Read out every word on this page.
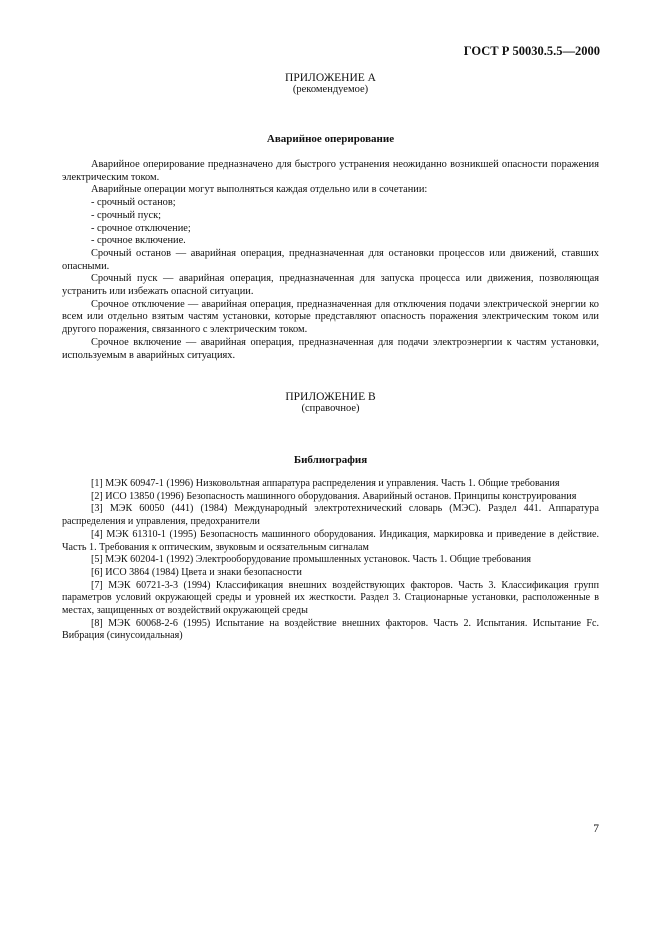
ГОСТ Р 50030.5.5—2000
ПРИЛОЖЕНИЕ А
(рекомендуемое)
Аварийное оперирование

Аварийное оперирование предназначено для быстрого устранения неожиданно возникшей опасности поражения электрическим током.

Аварийные операции могут выполняться каждая отдельно или в сочетании:

- срочный останов;
- срочный пуск;
- срочное отключение;
- срочное включение.

Срочный останов — аварийная операция, предназначенная для остановки процессов или движений, ставших опасными.

Срочный пуск — аварийная операция, предназначенная для запуска процесса или движения, позволяющая устранить или избежать опасной ситуации.

Срочное отключение — аварийная операция, предназначенная для отключения подачи электрической энергии ко всем или отдельно взятым частям установки, которые представляют опасность поражения электрическим током или другого поражения, связанного с электрическим током.

Срочное включение — аварийная операция, предназначенная для подачи электроэнергии к частям установки, используемым в аварийных ситуациях.

ПРИЛОЖЕНИЕ В
(справочное)
Библиография

[1] МЭК 60947-1 (1996) Низковольтная аппаратура распределения и управления. Часть 1. Общие требования

[2] ИСО 13850 (1996) Безопасность машинного оборудования. Аварийный останов. Принципы конструирования

[3] МЭК 60050 (441) (1984) Международный электротехнический словарь (МЭС). Раздел 441. Аппаратура распределения и управления, предохранители

[4] МЭК 61310-1 (1995) Безопасность машинного оборудования. Индикация, маркировка и приведение в действие. Часть 1. Требования к оптическим, звуковым и осязательным сигналам

[5] МЭК 60204-1 (1992) Электрооборудование промышленных установок. Часть 1. Общие требования

[6] ИСО 3864 (1984) Цвета и знаки безопасности

[7] МЭК 60721-3-3 (1994) Классификация внешних воздействующих факторов. Часть 3. Классификация групп параметров условий окружающей среды и уровней их жесткости. Раздел 3. Стационарные установки, расположенные в местах, защищенных от воздействий окружающей среды

[8] МЭК 60068-2-6 (1995) Испытание на воздействие внешних факторов. Часть 2. Испытания. Испытание Fc. Вибрация (синусоидальная)

7
